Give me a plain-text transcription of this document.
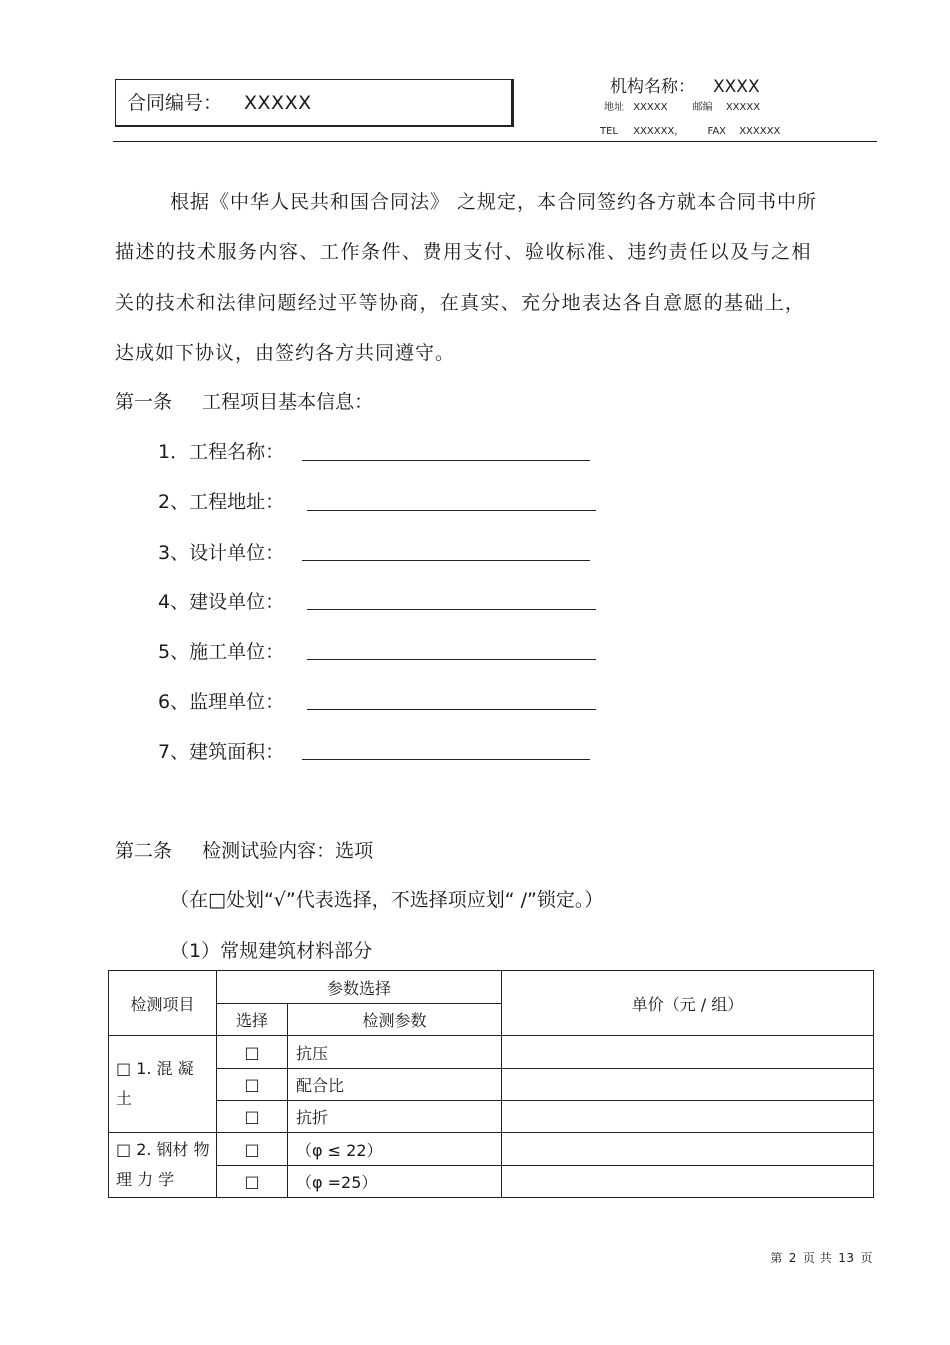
合同编号： XXXXX
机构名称： XXXX
地址 XXXXX	邮编 XXXXX
TEL XXXXXX， FAX XXXXXX
根据《中华人民共和国合同法》 之规定，本合同签约各方就本合同书中所
描述的技术服务内容、工作条件、费用支付、验收标准、违约责任以及与之相
关的技术和法律问题经过平等协商，在真实、充分地表达各自意愿的基础上，
达成如下协议，由签约各方共同遵守。
第一条 工程项目基本信息：
1．工程名称：
2、工程地址：
3、设计单位：
4、建设单位：
5、施工单位：
6、监理单位：
7、建筑面积：
第二条 检测试验内容：选项
（在□处划“√”代表选择，不选择项应划“ /”锁定。）
（1）常规建筑材料部分
检测项目	参数选择		单价（元 / 组）
	选择	检测参数	
□ 1. 混 凝 土	□	抗压	
	□	配合比	
	□	抗折	
□ 2. 钢材 物 理 力 学	□	（φ ≤ 22）	
	□	（φ =25）	
第 2 页 共 13 页
